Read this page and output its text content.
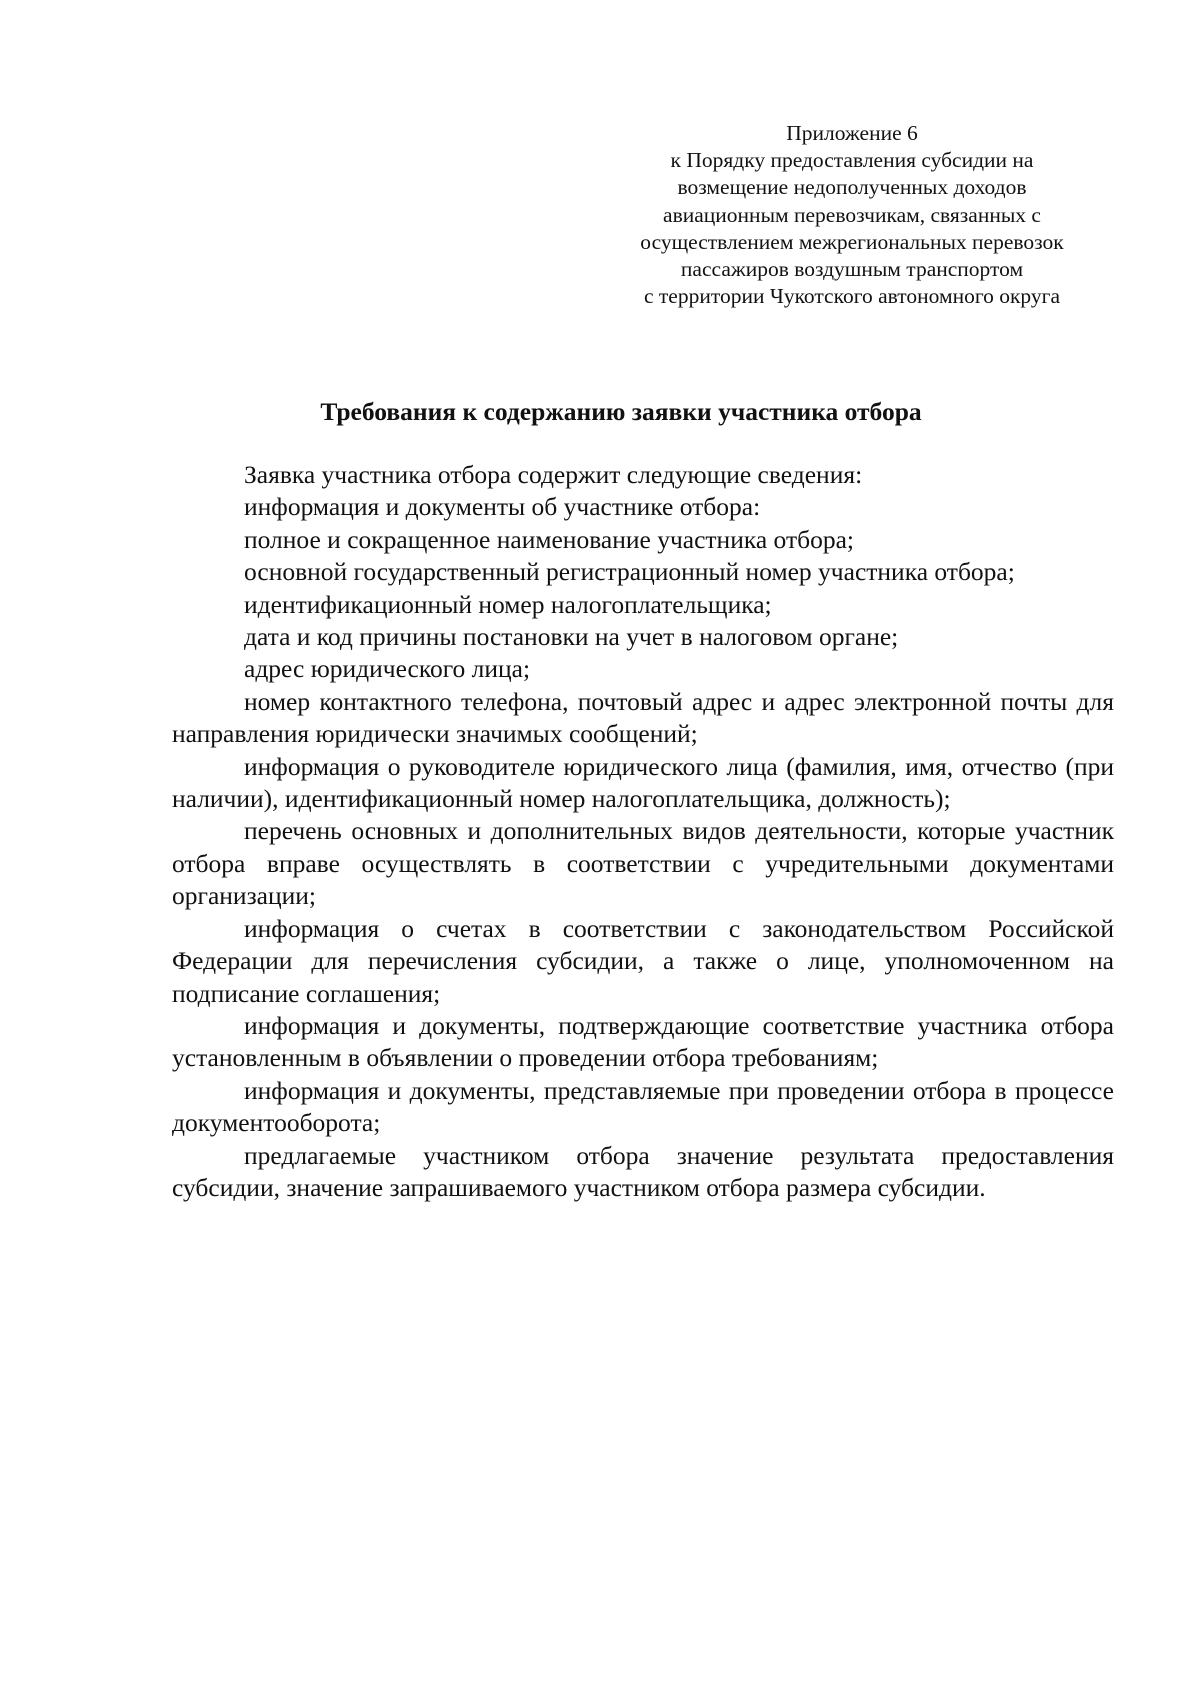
Приложение 6
к Порядку предоставления субсидии на
возмещение недополученных доходов
авиационным перевозчикам, связанных с
осуществлением межрегиональных перевозок
пассажиров воздушным транспортом
с территории Чукотского автономного округа
Требования к содержанию заявки участника отбора

Заявка участника отбора содержит следующие сведения:

информация и документы об участнике отбора:

полное и сокращенное наименование участника отбора;

основной государственный регистрационный номер участника отбора;

идентификационный номер налогоплательщика;

дата и код причины постановки на учет в налоговом органе;

адрес юридического лица;

номер контактного телефона, почтовый адрес и адрес электронной почты для направления юридически значимых сообщений;

информация о руководителе юридического лица (фамилия, имя, отчество (при наличии), идентификационный номер налогоплательщика, должность);

перечень основных и дополнительных видов деятельности, которые участник отбора вправе осуществлять в соответствии с учредительными документами организации;

информация о счетах в соответствии с законодательством Российской Федерации для перечисления субсидии, а также о лице, уполномоченном на подписание соглашения;

информация и документы, подтверждающие соответствие участника отбора установленным в объявлении о проведении отбора требованиям;

информация и документы, представляемые при проведении отбора в процессе документооборота;

предлагаемые участником отбора значение результата предоставления субсидии, значение запрашиваемого участником отбора размера субсидии.
